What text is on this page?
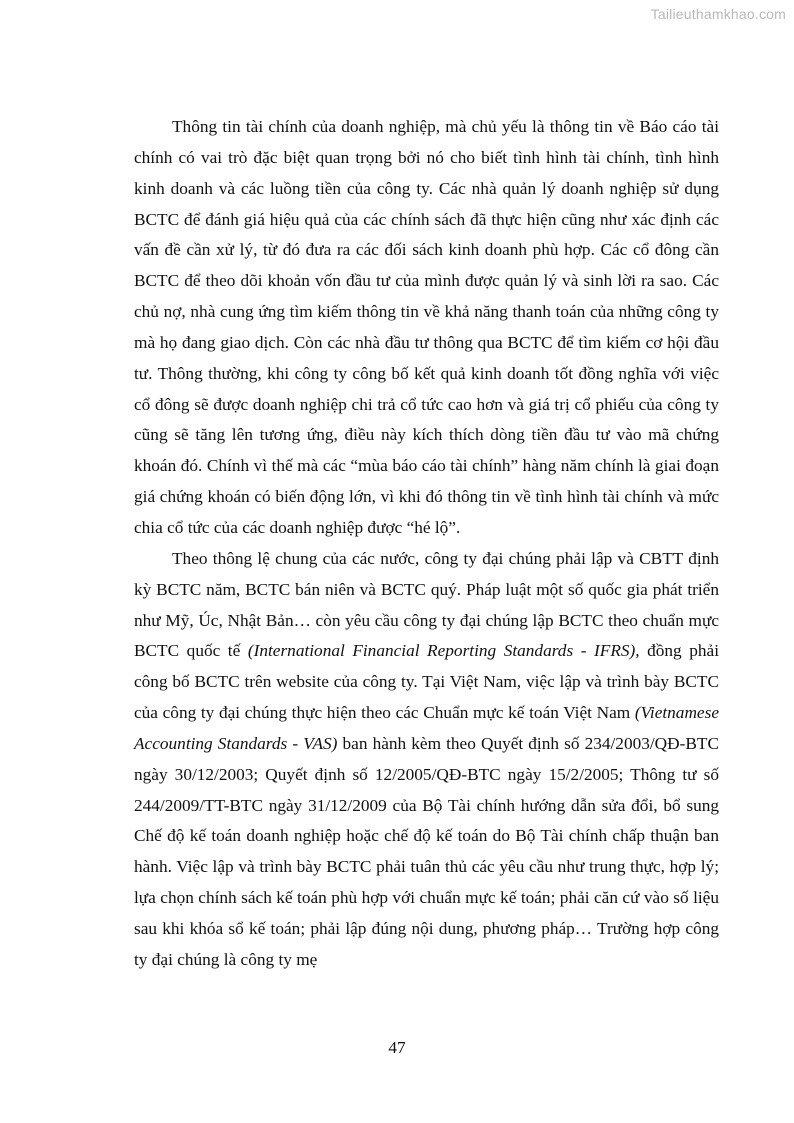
Tailieuthamkhao.com

Thông tin tài chính của doanh nghiệp, mà chủ yếu là thông tin về Báo cáo tài chính có vai trò đặc biệt quan trọng bởi nó cho biết tình hình tài chính, tình hình kinh doanh và các luồng tiền của công ty. Các nhà quản lý doanh nghiệp sử dụng BCTC để đánh giá hiệu quả của các chính sách đã thực hiện cũng như xác định các vấn đề cần xử lý, từ đó đưa ra các đối sách kinh doanh phù hợp. Các cổ đông cần BCTC để theo dõi khoản vốn đầu tư của mình được quản lý và sinh lời ra sao. Các chủ nợ, nhà cung ứng tìm kiếm thông tin về khả năng thanh toán của những công ty mà họ đang giao dịch. Còn các nhà đầu tư thông qua BCTC để tìm kiếm cơ hội đầu tư. Thông thường, khi công ty công bố kết quả kinh doanh tốt đồng nghĩa với việc cổ đông sẽ được doanh nghiệp chi trả cổ tức cao hơn và giá trị cổ phiếu của công ty cũng sẽ tăng lên tương ứng, điều này kích thích dòng tiền đầu tư vào mã chứng khoán đó. Chính vì thế mà các “mùa báo cáo tài chính” hàng năm chính là giai đoạn giá chứng khoán có biến động lớn, vì khi đó thông tin về tình hình tài chính và mức chia cổ tức của các doanh nghiệp được “hé lộ”.

Theo thông lệ chung của các nước, công ty đại chúng phải lập và CBTT định kỳ BCTC năm, BCTC bán niên và BCTC quý. Pháp luật một số quốc gia phát triển như Mỹ, Úc, Nhật Bản… còn yêu cầu công ty đại chúng lập BCTC theo chuẩn mực BCTC quốc tế (International Financial Reporting Standards - IFRS), đồng phải công bố BCTC trên website của công ty. Tại Việt Nam, việc lập và trình bày BCTC của công ty đại chúng thực hiện theo các Chuẩn mực kế toán Việt Nam (Vietnamese Accounting Standards - VAS) ban hành kèm theo Quyết định số 234/2003/QĐ-BTC ngày 30/12/2003; Quyết định số 12/2005/QĐ-BTC ngày 15/2/2005; Thông tư số 244/2009/TT-BTC ngày 31/12/2009 của Bộ Tài chính hướng dẫn sửa đổi, bổ sung Chế độ kế toán doanh nghiệp hoặc chế độ kế toán do Bộ Tài chính chấp thuận ban hành. Việc lập và trình bày BCTC phải tuân thủ các yêu cầu như trung thực, hợp lý; lựa chọn chính sách kế toán phù hợp với chuẩn mực kế toán; phải căn cứ vào số liệu sau khi khóa sổ kế toán; phải lập đúng nội dung, phương pháp… Trường hợp công ty đại chúng là công ty mẹ

47
